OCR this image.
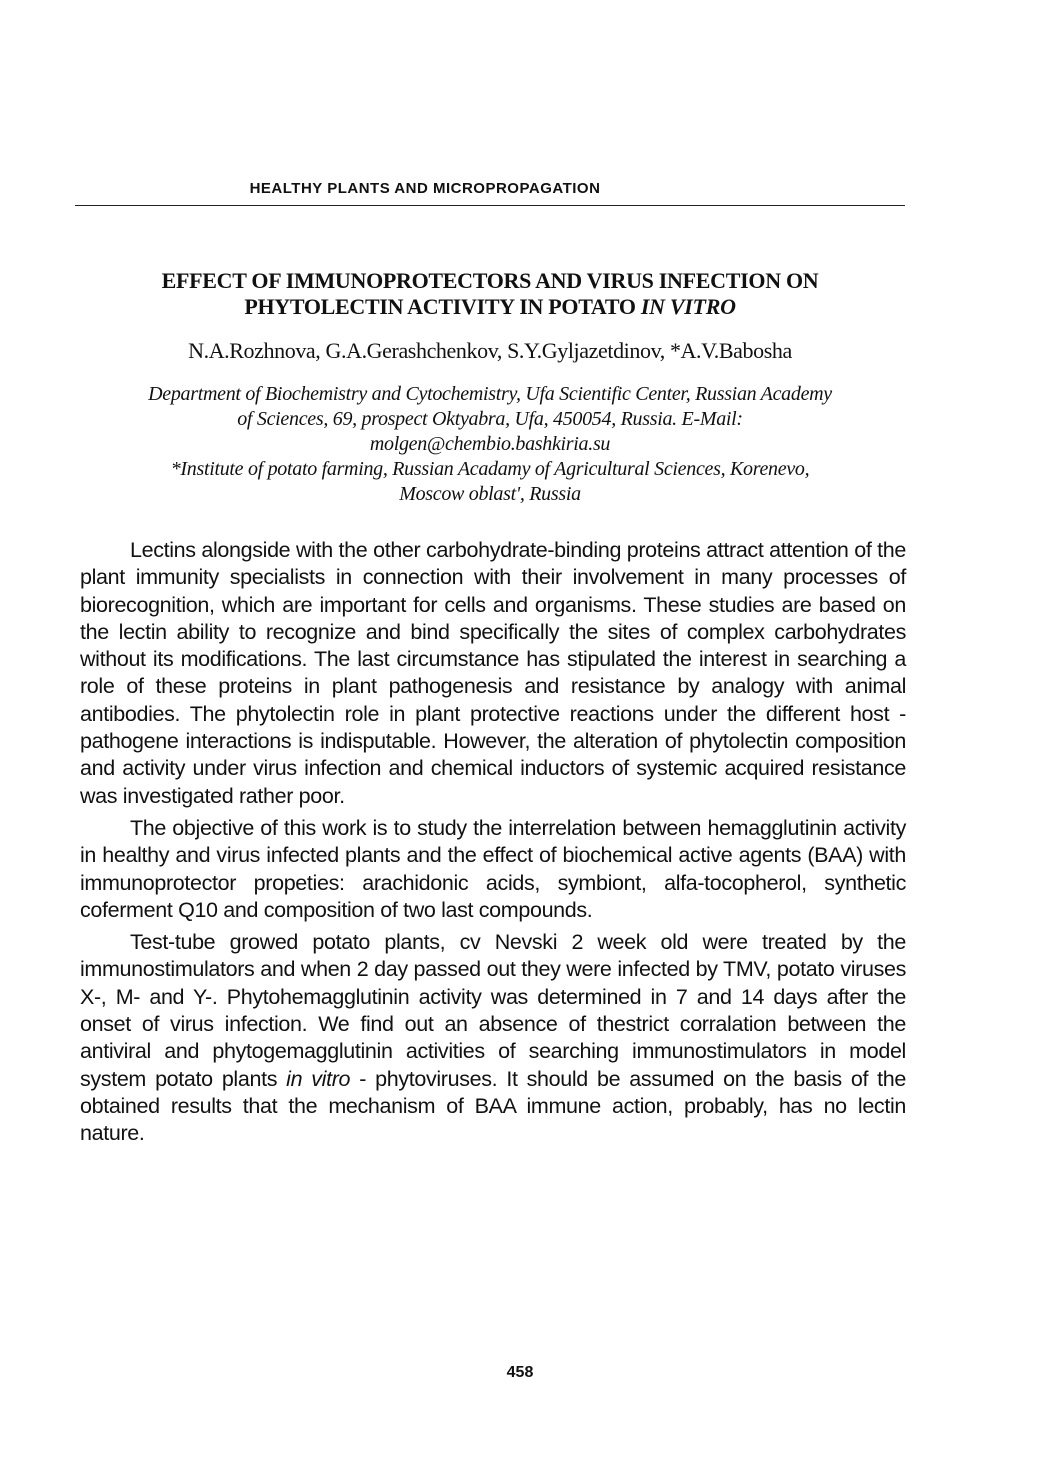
HEALTHY PLANTS AND MICROPROPAGATION
EFFECT OF IMMUNOPROTECTORS AND VIRUS INFECTION ON
PHYTOLECTIN ACTIVITY IN POTATO IN VITRO
N.A.Rozhnova, G.A.Gerashchenkov, S.Y.Gyljazetdinov, *A.V.Babosha
Department of Biochemistry and Cytochemistry, Ufa Scientific Center, Russian Academy
of Sciences, 69, prospect Oktyabra, Ufa, 450054, Russia. E-Mail:
molgen@chembio.bashkiria.su
*Institute of potato farming, Russian Acadamy of Agricultural Sciences, Korenevo,
Moscow oblast', Russia

Lectins alongside with the other carbohydrate-binding proteins attract attention of the plant immunity specialists in connection with their involvement in many processes of biorecognition, which are important for cells and organisms. These studies are based on the lectin ability to recognize and bind specifically the sites of complex carbohydrates without its modifications. The last circumstance has stipulated the interest in searching a role of these proteins in plant pathogenesis and resistance by analogy with animal antibodies. The phytolectin role in plant protective reactions under the different host - pathogene interactions is indisputable. However, the alteration of phytolectin composition and activity under virus infection and chemical inductors of systemic acquired resistance was investigated rather poor.

The objective of this work is to study the interrelation between hemagglutinin activity in healthy and virus infected plants and the effect of biochemical active agents (BAA) with immunoprotector propeties: arachidonic acids, symbiont, alfa-tocopherol, synthetic coferment Q10 and composition of two last compounds.

Test-tube growed potato plants, cv Nevski 2 week old were treated by the immunostimulators and when 2 day passed out they were infected by TMV, potato viruses X-, M- and Y-. Phytohemagglutinin activity was determined in 7 and 14 days after the onset of virus infection. We find out an absence of thestrict corralation between the antiviral and phytogemagglutinin activities of searching immunostimulators in model system potato plants in vitro - phytoviruses. It should be assumed on the basis of the obtained results that the mechanism of BAA immune action, probably, has no lectin nature.

458
